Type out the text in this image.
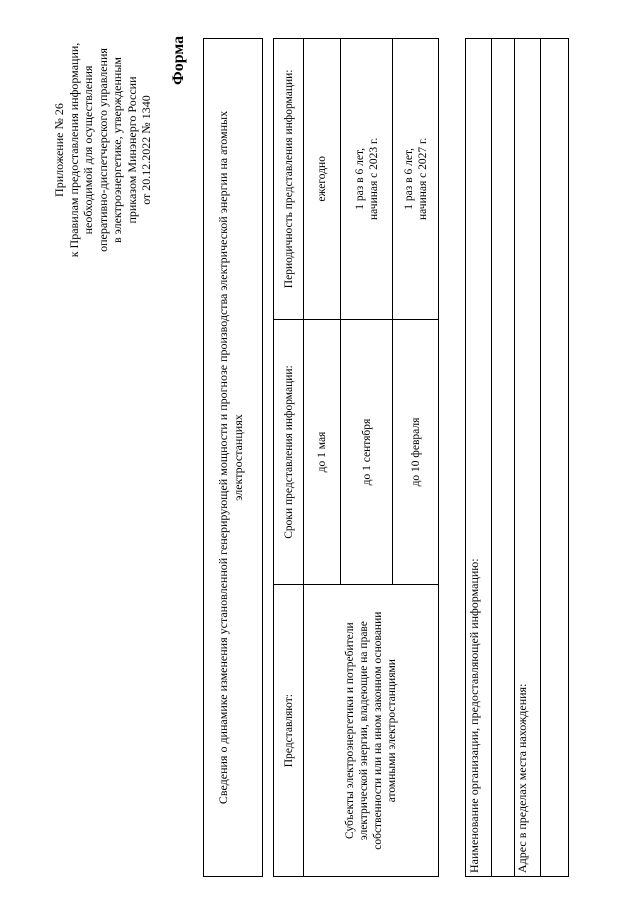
Приложение № 26 к Правилам предоставления информации, необходимой для осуществления оперативно-диспетчерского управления в электроэнергетике, утвержденным приказом Минэнерго России от 20.12.2022 № 1340
Форма
Сведения о динамике изменения установленной генерирующей мощности и прогнозе производства электрической энергии на атомных электростанциях
Представляют:	Сроки представления информации:	Периодичность представления информации:

Субъекты электроэнергетики и потребители электрической энергии, владеющие на праве собственности или на ином законном основании атомными электростанциями	до 1 мая	ежегодно

	до 1 сентября	1 раз в 6 лет, начиная с 2023 г.

	до 10 февраля	1 раз в 6 лет, начиная с 2027 г.
Наименование организации, предоставляющей информацию:	Адрес в пределах места нахождения:
